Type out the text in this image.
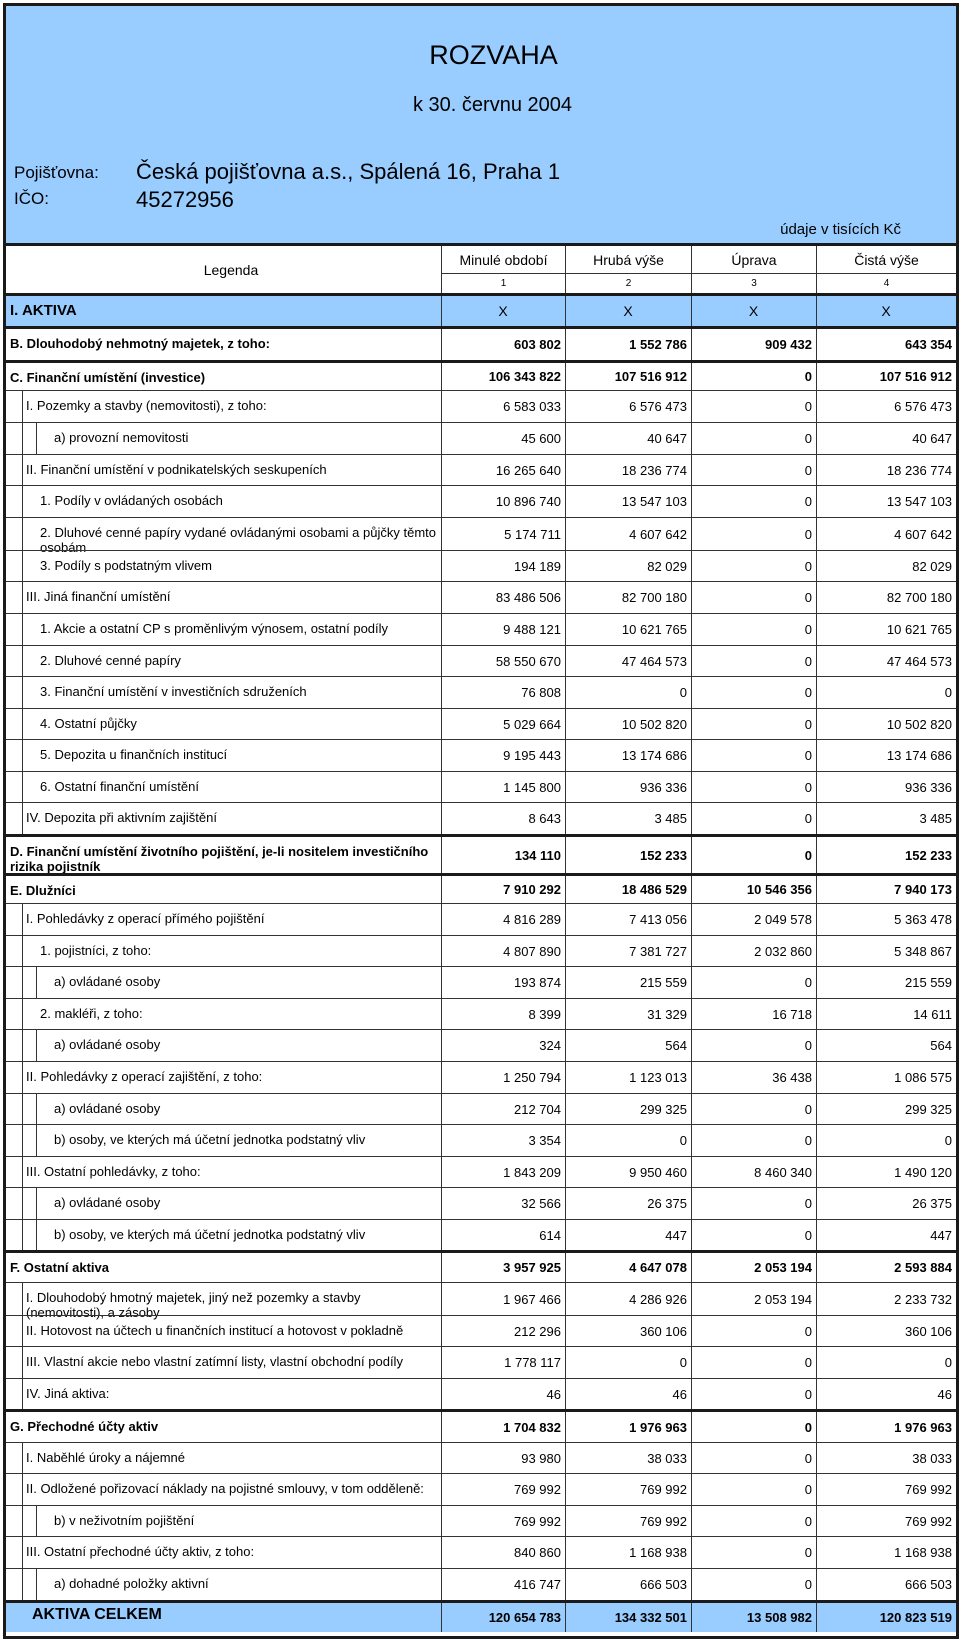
ROZVAHA
k 30. červnu 2004
Pojišťovna: Česká pojišťovna a.s., Spálená 16, Praha 1
IČO:	45272956
údaje v tisících Kč
Legenda
Minulé období	Hrubá výše	Úprava	Čistá výše
1	2	3	4
I. AKTIVA	X	X	X	X
B. Dlouhodobý nehmotný majetek, z toho:	603 802	1 552 786	909 432	643 354
C. Finanční umístění (investice)	106 343 822	107 516 912	0	107 516 912
I. Pozemky a stavby (nemovitosti), z toho:	6 583 033	6 576 473	0	6 576 473
a) provozní nemovitosti	45 600	40 647	0	40 647
II. Finanční umístění v podnikatelských seskupeních	16 265 640	18 236 774	0	18 236 774
1. Podíly v ovládaných osobách	10 896 740	13 547 103	0	13 547 103
2. Dluhové cenné papíry vydané ovládanými osobami a půjčky těmto osobám
5 174 711	4 607 642	0	4 607 642
3. Podíly s podstatným vlivem	194 189	82 029	0	82 029
III. Jiná finanční umístění	83 486 506	82 700 180	0	82 700 180
1. Akcie a ostatní CP s proměnlivým výnosem, ostatní podíly	9 488 121	10 621 765	0	10 621 765
2. Dluhové cenné papíry	58 550 670	47 464 573	0	47 464 573
3. Finanční umístění v investičních sdruženích	76 808	0	0	0
4. Ostatní půjčky	5 029 664	10 502 820	0	10 502 820
5. Depozita u finančních institucí	9 195 443	13 174 686	0	13 174 686
6. Ostatní finanční umístění	1 145 800	936 336	0	936 336
IV. Depozita při aktivním zajištění	8 643	3 485	0	3 485
D. Finanční umístění životního pojištění, je-li nositelem investičního rizika pojistník
134 110	152 233	0	152 233
E. Dlužníci	7 910 292	18 486 529	10 546 356	7 940 173
I. Pohledávky z operací přímého pojištění	4 816 289	7 413 056	2 049 578	5 363 478
1. pojistníci, z toho:	4 807 890	7 381 727	2 032 860	5 348 867
a) ovládané osoby	193 874	215 559	0	215 559
2. makléři, z toho:	8 399	31 329	16 718	14 611
a) ovládané osoby	324	564	0	564
II. Pohledávky z operací zajištění, z toho:	1 250 794	1 123 013	36 438	1 086 575
a) ovládané osoby	212 704	299 325	0	299 325
b) osoby, ve kterých má účetní jednotka podstatný vliv	3 354	0	0	0
III. Ostatní pohledávky, z toho:	1 843 209	9 950 460	8 460 340	1 490 120
a) ovládané osoby	32 566	26 375	0	26 375
b) osoby, ve kterých má účetní jednotka podstatný vliv	614	447	0	447
F. Ostatní aktiva	3 957 925	4 647 078	2 053 194	2 593 884
I. Dlouhodobý hmotný majetek, jiný než pozemky a stavby (nemovitosti), a zásoby
1 967 466	4 286 926	2 053 194	2 233 732
II. Hotovost na účtech u finančních institucí a hotovost v pokladně	212 296	360 106	0	360 106
III. Vlastní akcie nebo vlastní zatímní listy, vlastní obchodní podíly	1 778 117	0	0	0
IV. Jiná aktiva:	46	46	0	46
G. Přechodné účty aktiv	1 704 832	1 976 963	0	1 976 963
I. Naběhlé úroky a nájemné	93 980	38 033	0	38 033
II. Odložené pořizovací náklady na pojistné smlouvy, v tom odděleně:	769 992	769 992	0	769 992
b) v neživotním pojištění	769 992	769 992	0	769 992
III. Ostatní přechodné účty aktiv, z toho:	840 860	1 168 938	0	1 168 938
a) dohadné položky aktivní	416 747	666 503	0	666 503
AKTIVA CELKEM	120 654 783	134 332 501	13 508 982	120 823 519
